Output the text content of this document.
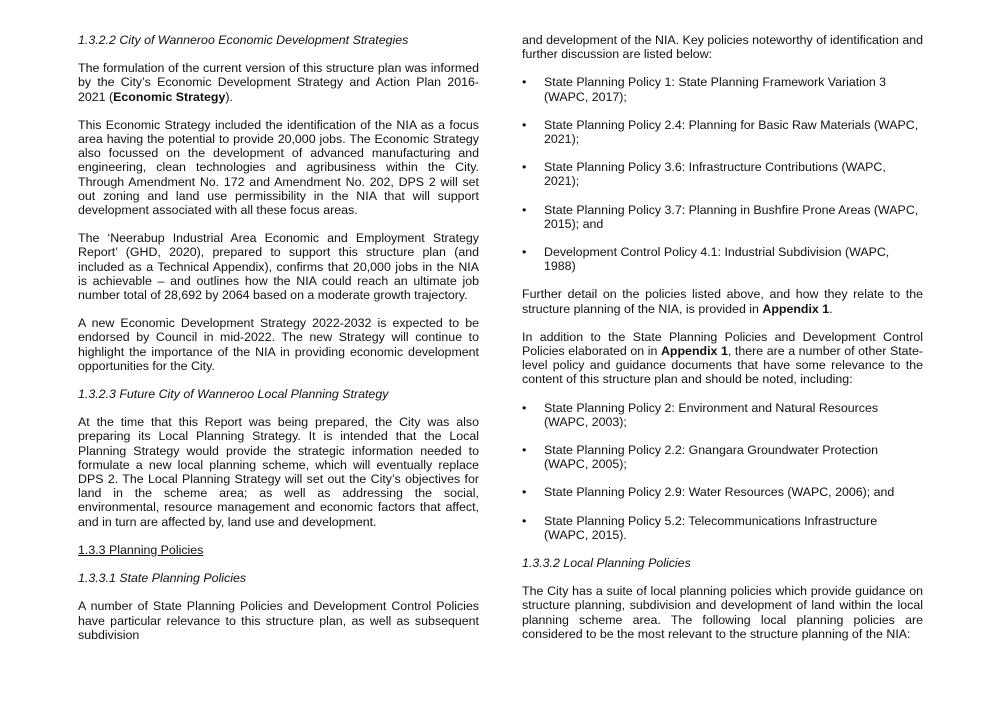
1.3.2.2 City of Wanneroo Economic Development Strategies

The formulation of the current version of this structure plan was informed by the City’s Economic Development Strategy and Action Plan 2016-2021 (Economic Strategy).

This Economic Strategy included the identification of the NIA as a focus area having the potential to provide 20,000 jobs. The Economic Strategy also focussed on the development of advanced manufacturing and engineering, clean technologies and agribusiness within the City. Through Amendment No. 172 and Amendment No. 202, DPS 2 will set out zoning and land use permissibility in the NIA that will support development associated with all these focus areas.

The ‘Neerabup Industrial Area Economic and Employment Strategy Report’ (GHD, 2020), prepared to support this structure plan (and included as a Technical Appendix), confirms that 20,000 jobs in the NIA is achievable – and outlines how the NIA could reach an ultimate job number total of 28,692 by 2064 based on a moderate growth trajectory.

A new Economic Development Strategy 2022-2032 is expected to be endorsed by Council in mid-2022. The new Strategy will continue to highlight the importance of the NIA in providing economic development opportunities for the City.

1.3.2.3 Future City of Wanneroo Local Planning Strategy

At the time that this Report was being prepared, the City was also preparing its Local Planning Strategy. It is intended that the Local Planning Strategy would provide the strategic information needed to formulate a new local planning scheme, which will eventually replace DPS 2. The Local Planning Strategy will set out the City’s objectives for land in the scheme area; as well as addressing the social, environmental, resource management and economic factors that affect, and in turn are affected by, land use and development.

1.3.3 Planning Policies
1.3.3.1 State Planning Policies

A number of State Planning Policies and Development Control Policies have particular relevance to this structure plan, as well as subsequent subdivision

and development of the NIA. Key policies noteworthy of identification and further discussion are listed below:

• State Planning Policy 1: State Planning Framework Variation 3 (WAPC, 2017);
• State Planning Policy 2.4: Planning for Basic Raw Materials (WAPC, 2021);
• State Planning Policy 3.6: Infrastructure Contributions (WAPC, 2021);
• State Planning Policy 3.7: Planning in Bushfire Prone Areas (WAPC, 2015); and
• Development Control Policy 4.1: Industrial Subdivision (WAPC, 1988)

Further detail on the policies listed above, and how they relate to the structure planning of the NIA, is provided in Appendix 1.

In addition to the State Planning Policies and Development Control Policies elaborated on in Appendix 1, there are a number of other State-level policy and guidance documents that have some relevance to the content of this structure plan and should be noted, including:

• State Planning Policy 2: Environment and Natural Resources (WAPC, 2003);
• State Planning Policy 2.2: Gnangara Groundwater Protection (WAPC, 2005);
• State Planning Policy 2.9: Water Resources (WAPC, 2006); and
• State Planning Policy 5.2: Telecommunications Infrastructure (WAPC, 2015).
1.3.3.2 Local Planning Policies

The City has a suite of local planning policies which provide guidance on structure planning, subdivision and development of land within the local planning scheme area. The following local planning policies are considered to be the most relevant to the structure planning of the NIA:
